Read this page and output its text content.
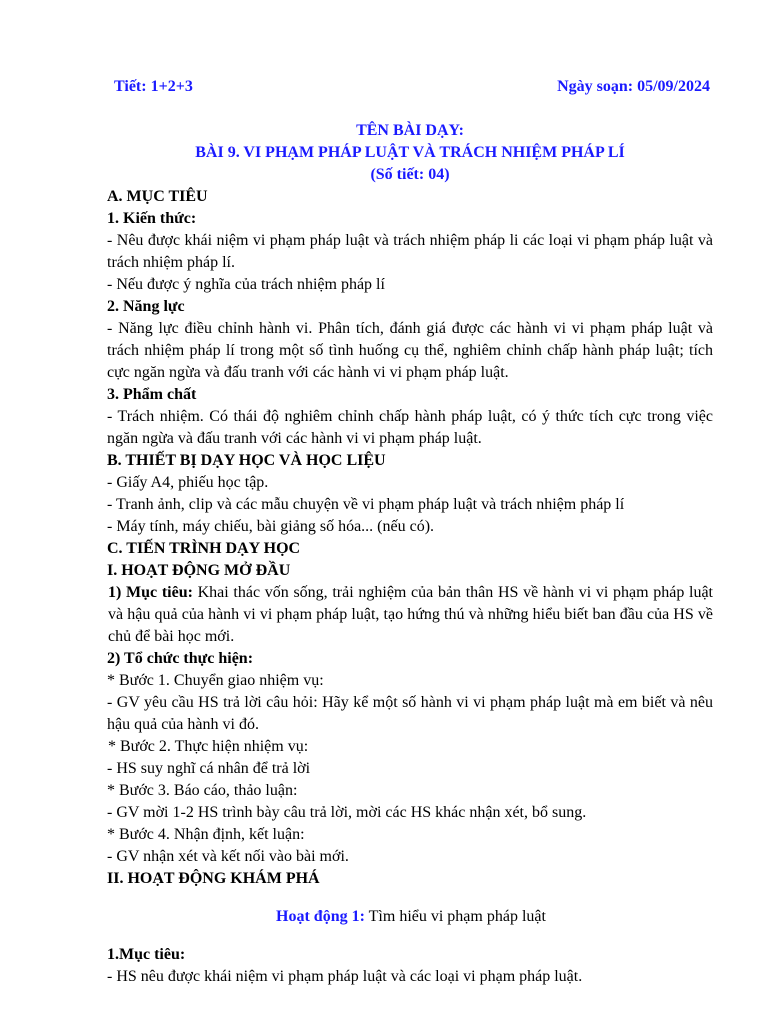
Tiết: 1+2+3	Ngày soạn: 05/09/2024

TÊN BÀI DẠY:

BÀI 9. VI PHẠM PHÁP LUẬT VÀ TRÁCH NHIỆM PHÁP LÍ

(Số tiết: 04)

A. MỤC TIÊU

1. Kiến thức:

- Nêu được khái niệm vi phạm pháp luật và trách nhiệm pháp li các loại vi phạm pháp luật và trách nhiệm pháp lí.

- Nếu được ý nghĩa của trách nhiệm pháp lí

2. Năng lực

- Năng lực điều chỉnh hành vi. Phân tích, đánh giá được các hành vi vi phạm pháp luật và trách nhiệm pháp lí trong một số tình huống cụ thể, nghiêm chỉnh chấp hành pháp luật; tích cực ngăn ngừa và đấu tranh với các hành vi vi phạm pháp luật.

3. Phẩm chất

- Trách nhiệm. Có thái độ nghiêm chỉnh chấp hành pháp luật, có ý thức tích cực trong việc ngăn ngừa và đấu tranh với các hành vi vi phạm pháp luật.

B. THIẾT BỊ DẠY HỌC VÀ HỌC LIỆU

- Giấy A4, phiếu học tập.

- Tranh ảnh, clip và các mẫu chuyện về vi phạm pháp luật và trách nhiệm pháp lí

- Máy tính, máy chiếu, bài giảng số hóa... (nếu có).

C. TIẾN TRÌNH DẠY HỌC

I. HOẠT ĐỘNG MỞ ĐẦU

1) Mục tiêu: Khai thác vốn sống, trải nghiệm của bản thân HS về hành vi vi phạm pháp luật và hậu quả của hành vi vi phạm pháp luật, tạo hứng thú và những hiểu biết ban đầu của HS về chủ để bài học mới.

2) Tổ chức thực hiện:

* Bước 1. Chuyển giao nhiệm vụ:

- GV yêu cầu HS trả lời câu hỏi: Hãy kể một số hành vi vi phạm pháp luật mà em biết và nêu hậu quả của hành vi đó.

* Bước 2. Thực hiện nhiệm vụ:

- HS suy nghĩ cá nhân để trả lời

* Bước 3. Báo cáo, thảo luận:

- GV mời 1-2 HS trình bày câu trả lời, mời các HS khác nhận xét, bổ sung.

* Bước 4. Nhận định, kết luận:

- GV nhận xét và kết nối vào bài mới.

II. HOẠT ĐỘNG KHÁM PHÁ

Hoạt động 1: Tìm hiểu vi phạm pháp luật

1.Mục tiêu:

- HS nêu được khái niệm vi phạm pháp luật và các loại vi phạm pháp luật.
